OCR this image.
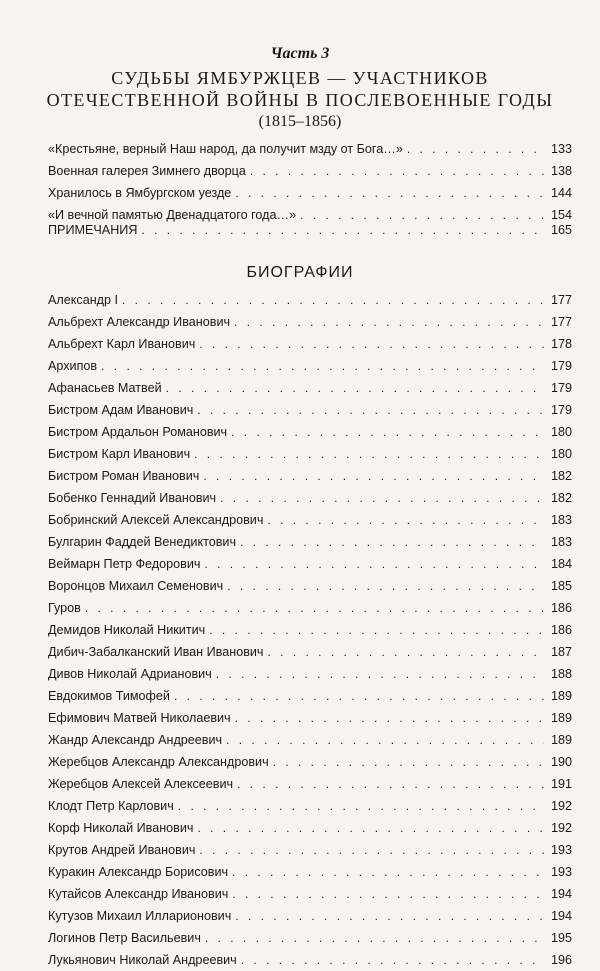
Часть 3
СУДЬБЫ ЯМБУРЖЦЕВ — УЧАСТНИКОВ
ОТЕЧЕСТВЕННОЙ ВОЙНЫ В ПОСЛЕВОЕННЫЕ ГОДЫ
(1815–1856)
«Крестьяне, верный Наш народ, да получит мзду от Бога…» . . .	133
Военная галерея Зимнего дворца . . .	138
Хранилось в Ямбургском уезде . . .	144
«И вечной памятью Двенадцатого года…» . . .	154
ПРИМЕЧАНИЯ . . .	165
БИОГРАФИИ
Александр I . . .	177
Альбрехт Александр Иванович . . .	177
Альбрехт Карл Иванович . . .	178
Архипов . . .	179
Афанасьев Матвей . . .	179
Бистром Адам Иванович . . .	179
Бистром Ардальон Романович . . .	180
Бистром Карл Иванович . . .	180
Бистром Роман Иванович . . .	182
Бобенко Геннадий Иванович . . .	182
Бобринский Алексей Александрович . . .	183
Булгарин Фаддей Венедиктович . . .	183
Веймарн Петр Федорович . . .	184
Воронцов Михаил Семенович . . .	185
Гуров . . .	186
Демидов Николай Никитич . . .	186
Дибич-Забалканский Иван Иванович . . .	187
Дивов Николай Адрианович . . .	188
Евдокимов Тимофей . . .	189
Ефимович Матвей Николаевич . . .	189
Жандр Александр Андреевич . . .	189
Жеребцов Александр Александрович . . .	190
Жеребцов Алексей Алексеевич . . .	191
Клодт Петр Карлович . . .	192
Корф Николай Иванович . . .	192
Крутов Андрей Иванович . . .	193
Куракин Александр Борисович . . .	193
Кутайсов Александр Иванович . . .	194
Кутузов Михаил Илларионович . . .	194
Логинов Петр Васильевич . . .	195
Лукьянович Николай Андреевич . . .	196
